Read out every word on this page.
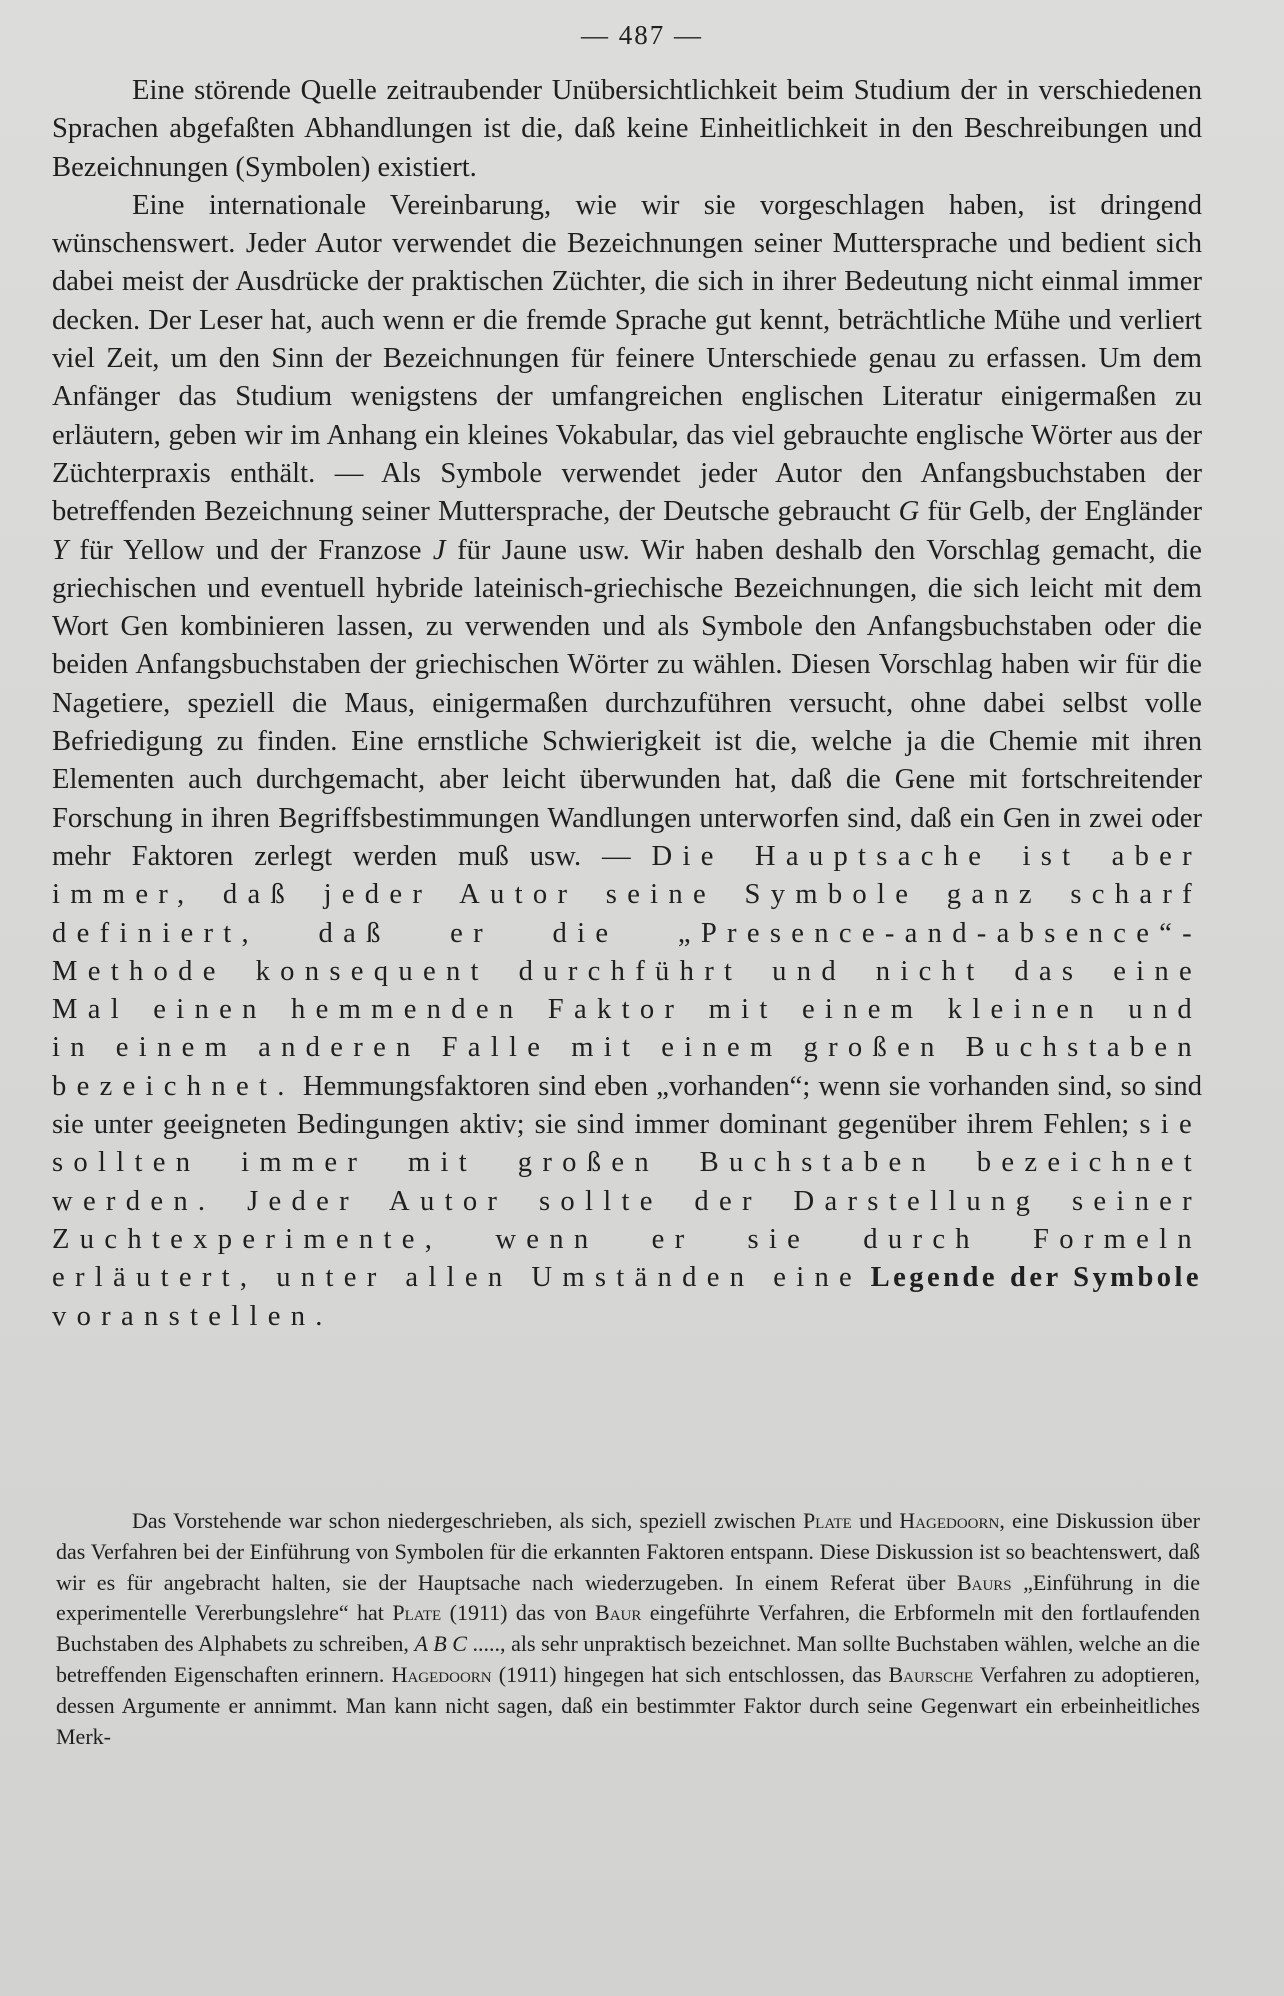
— 487 —

Eine störende Quelle zeitraubender Unübersichtlichkeit beim Studium der in verschiedenen Sprachen abgefaßten Abhandlungen ist die, daß keine Einheitlichkeit in den Beschreibungen und Bezeichnungen (Symbolen) existiert.

Eine internationale Vereinbarung, wie wir sie vorgeschlagen haben, ist dringend wünschenswert. Jeder Autor verwendet die Bezeichnungen seiner Muttersprache und bedient sich dabei meist der Ausdrücke der praktischen Züchter, die sich in ihrer Bedeutung nicht einmal immer decken. Der Leser hat, auch wenn er die fremde Sprache gut kennt, beträchtliche Mühe und verliert viel Zeit, um den Sinn der Bezeichnungen für feinere Unterschiede genau zu erfassen. Um dem Anfänger das Studium wenigstens der umfangreichen englischen Literatur einigermaßen zu erläutern, geben wir im Anhang ein kleines Vokabular, das viel gebrauchte englische Wörter aus der Züchterpraxis enthält. — Als Symbole verwendet jeder Autor den Anfangsbuchstaben der betreffenden Bezeichnung seiner Muttersprache, der Deutsche gebraucht G für Gelb, der Engländer Y für Yellow und der Franzose J für Jaune usw. Wir haben deshalb den Vorschlag gemacht, die griechischen und eventuell hybride lateinisch-griechische Bezeichnungen, die sich leicht mit dem Wort Gen kombinieren lassen, zu verwenden und als Symbole den Anfangsbuchstaben oder die beiden Anfangsbuchstaben der griechischen Wörter zu wählen. Diesen Vorschlag haben wir für die Nagetiere, speziell die Maus, einigermaßen durchzuführen versucht, ohne dabei selbst volle Befriedigung zu finden. Eine ernstliche Schwierigkeit ist die, welche ja die Chemie mit ihren Elementen auch durchgemacht, aber leicht überwunden hat, daß die Gene mit fortschreitender Forschung in ihren Begriffsbestimmungen Wandlungen unterworfen sind, daß ein Gen in zwei oder mehr Faktoren zerlegt werden muß usw. — Die Hauptsache ist aber immer, daß jeder Autor seine Symbole ganz scharf definiert, daß er die „Presence-and-absence“-Methode konsequent durchführt und nicht das eine Mal einen hemmenden Faktor mit einem kleinen und in einem anderen Falle mit einem großen Buchstaben bezeichnet. Hemmungsfaktoren sind eben „vorhanden“; wenn sie vorhanden sind, so sind sie unter geeigneten Bedingungen aktiv; sie sind immer dominant gegenüber ihrem Fehlen; sie sollten immer mit großen Buchstaben bezeichnet werden. Jeder Autor sollte der Darstellung seiner Zuchtexperimente, wenn er sie durch Formeln erläutert, unter allen Umständen eine Legende der Symbole voranstellen.

Das Vorstehende war schon niedergeschrieben, als sich, speziell zwischen Plate und Hagedoorn, eine Diskussion über das Verfahren bei der Einführung von Symbolen für die erkannten Faktoren entspann. Diese Diskussion ist so beachtenswert, daß wir es für angebracht halten, sie der Hauptsache nach wiederzugeben. In einem Referat über Baurs „Einführung in die experimentelle Vererbungslehre“ hat Plate (1911) das von Baur eingeführte Verfahren, die Erbformeln mit den fortlaufenden Buchstaben des Alphabets zu schreiben, A B C ....., als sehr unpraktisch bezeichnet. Man sollte Buchstaben wählen, welche an die betreffenden Eigenschaften erinnern. Hagedoorn (1911) hingegen hat sich entschlossen, das Baursche Verfahren zu adoptieren, dessen Argumente er annimmt. Man kann nicht sagen, daß ein bestimmter Faktor durch seine Gegenwart ein erbeinheitliches Merk-
